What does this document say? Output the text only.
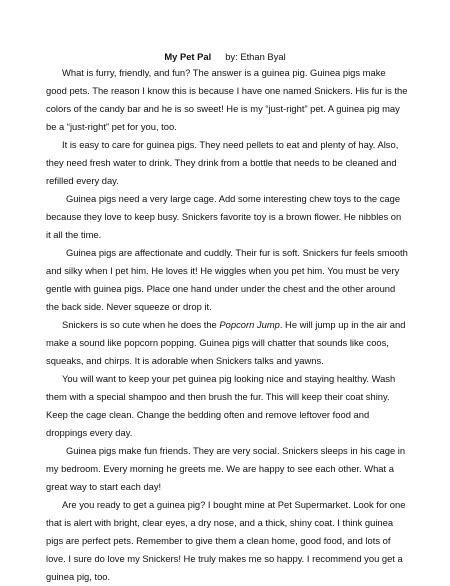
My Pet Pal by: Ethan Byal

What is furry, friendly, and fun? The answer is a guinea pig. Guinea pigs make good pets. The reason I know this is because I have one named Snickers. His fur is the colors of the candy bar and he is so sweet! He is my “just-right” pet. A guinea pig may be a “just-right” pet for you, too.

It is easy to care for guinea pigs. They need pellets to eat and plenty of hay. Also, they need fresh water to drink. They drink from a bottle that needs to be cleaned and refilled every day.

Guinea pigs need a very large cage. Add some interesting chew toys to the cage because they love to keep busy. Snickers favorite toy is a brown flower. He nibbles on it all the time.

Guinea pigs are affectionate and cuddly. Their fur is soft. Snickers fur feels smooth and silky when I pet him. He loves it! He wiggles when you pet him. You must be very gentle with guinea pigs. Place one hand under under the chest and the other around the back side. Never squeeze or drop it.

Snickers is so cute when he does the Popcorn Jump. He will jump up in the air and make a sound like popcorn popping. Guinea pigs will chatter that sounds like coos, squeaks, and chirps. It is adorable when Snickers talks and yawns.

You will want to keep your pet guinea pig looking nice and staying healthy. Wash them with a special shampoo and then brush the fur. This will keep their coat shiny. Keep the cage clean. Change the bedding often and remove leftover food and droppings every day.

Guinea pigs make fun friends. They are very social. Snickers sleeps in his cage in my bedroom. Every morning he greets me. We are happy to see each other. What a great way to start each day!

Are you ready to get a guinea pig? I bought mine at Pet Supermarket. Look for one that is alert with bright, clear eyes, a dry nose, and a thick, shiny coat. I think guinea pigs are perfect pets. Remember to give them a clean home, good food, and lots of love. I sure do love my Snickers! He truly makes me so happy. I recommend you get a guinea pig, too.
